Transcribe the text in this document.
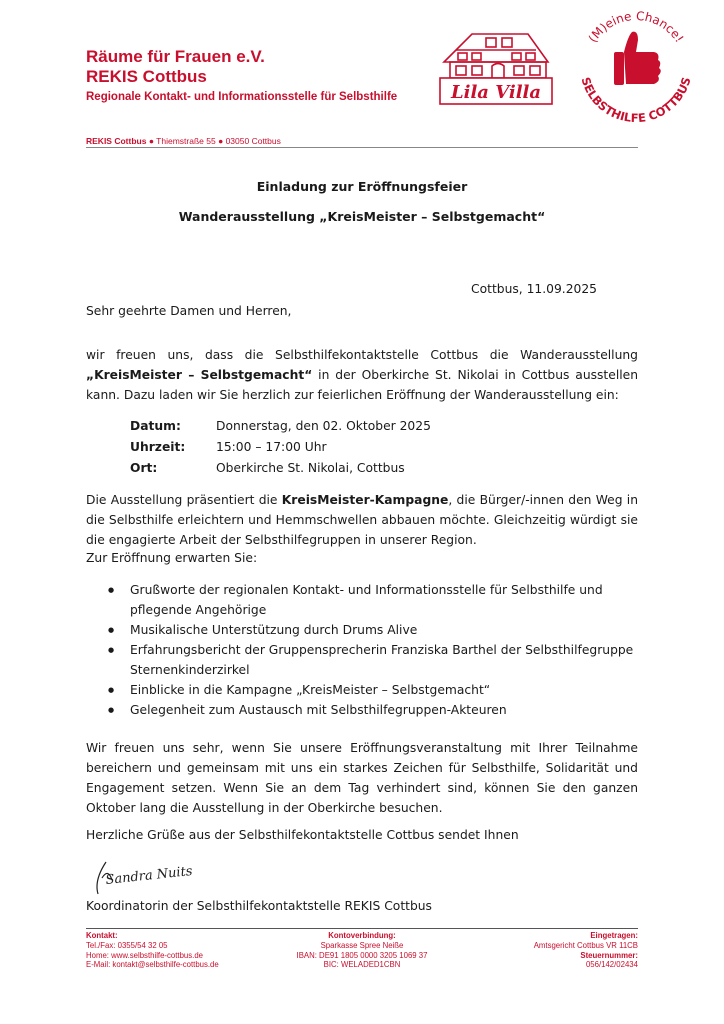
Räume für Frauen e.V.
REKIS Cottbus
Regionale Kontakt- und Informationsstelle für Selbsthilfe	Lila Villa
(M)eine Chance!
SELBSTHILFE COTTBUS
REKIS Cottbus ● Thiemstraße 55 ● 03050 Cottbus
Einladung zur Eröffnungsfeier
Wanderausstellung „KreisMeister – Selbstgemacht“
Cottbus, 11.09.2025
Sehr geehrte Damen und Herren,
wir freuen uns, dass die Selbsthilfekontaktstelle Cottbus die Wanderausstellung „KreisMeister – Selbstgemacht“ in der Oberkirche St. Nikolai in Cottbus ausstellen kann. Dazu laden wir Sie herzlich zur feierlichen Eröffnung der Wanderausstellung ein:
Datum:	Donnerstag, den 02. Oktober 2025
Uhrzeit: 15:00 – 17:00 Uhr
Ort:	Oberkirche St. Nikolai, Cottbus
Die Ausstellung präsentiert die KreisMeister-Kampagne, die Bürger/-innen den Weg in die Selbsthilfe erleichtern und Hemmschwellen abbauen möchte. Gleichzeitig würdigt sie die engagierte Arbeit der Selbsthilfegruppen in unserer Region.
Zur Eröffnung erwarten Sie:
● Grußworte der regionalen Kontakt- und Informationsstelle für Selbsthilfe und pflegende Angehörige
● Musikalische Unterstützung durch Drums Alive
● Erfahrungsbericht der Gruppensprecherin Franziska Barthel der Selbsthilfegruppe Sternenkinderzirkel
● Einblicke in die Kampagne „KreisMeister – Selbstgemacht“
● Gelegenheit zum Austausch mit Selbsthilfegruppen-Akteuren
Wir freuen uns sehr, wenn Sie unsere Eröffnungsveranstaltung mit Ihrer Teilnahme bereichern und gemeinsam mit uns ein starkes Zeichen für Selbsthilfe, Solidarität und Engagement setzen. Wenn Sie an dem Tag verhindert sind, können Sie den ganzen Oktober lang die Ausstellung in der Oberkirche besuchen.
Herzliche Grüße aus der Selbsthilfekontaktstelle Cottbus sendet Ihnen
Sandra Nuits
Koordinatorin der Selbsthilfekontaktstelle REKIS Cottbus
Kontakt:
Tel./Fax: 0355/54 32 05
Home: www.selbsthilfe-cottbus.de
E-Mail: kontakt@selbsthilfe-cottbus.de
Kontoverbindung:
Sparkasse Spree Neiße
IBAN: DE91 1805 0000 3205 1069 37
BIC: WELADED1CBN
Eingetragen:
Amtsgericht Cottbus VR 11CB
Steuernummer:
056/142/02434
